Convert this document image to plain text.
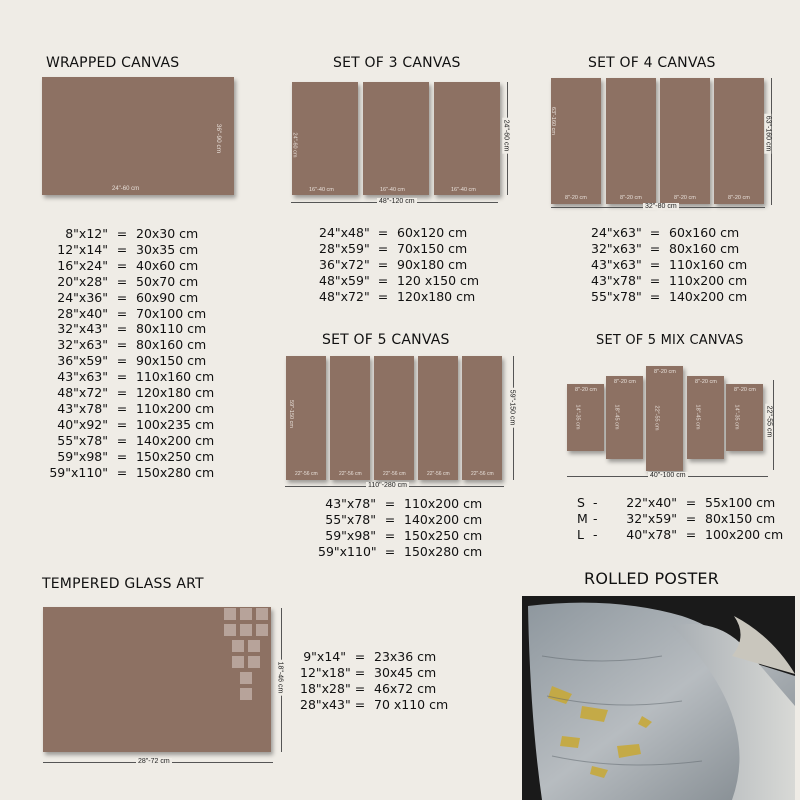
WRAPPED CANVAS
24"-60 cm
36"-90 cm
8"x12" = 20x30 cm
12"x14" = 30x35 cm
16"x24" = 40x60 cm
20"x28" = 50x70 cm
24"x36" = 60x90 cm
28"x40" = 70x100 cm
32"x43" = 80x110 cm
32"x63" = 80x160 cm
36"x59" = 90x150 cm
43"x63" = 110x160 cm
48"x72" = 120x180 cm
43"x78" = 110x200 cm
40"x92" = 100x235 cm
55"x78" = 140x200 cm
59"x98" = 150x250 cm
59"x110" = 150x280 cm
SET OF 3 CANVAS
16"-40 cm
24"-60 cm
16"-40 cm	16"-40 cm
48"-120 cm
24"-60 cm
24"x48" = 60x120 cm
28"x59" = 70x150 cm
36"x72" = 90x180 cm
48"x59" = 120 x150 cm
48"x72" = 120x180 cm
SET OF 4 CANVAS
8"-20 cm
63"-160 cm
8"-20 cm	8"-20 cm	8"-20 cm
32"-80 cm
63"-160 cm
24"x63" = 60x160 cm
32"x63" = 80x160 cm
43"x63" = 110x160 cm
43"x78" = 110x200 cm
55"x78" = 140x200 cm
SET OF 5 CANVAS
22"-56 cm
59"-150 cm
22"-56 cm	22"-56 cm	22"-56 cm	22"-56 cm
110"-280 cm
59"-150 cm
43"x78" = 110x200 cm
55"x78" = 140x200 cm
59"x98" = 150x250 cm
59"x110" = 150x280 cm
SET OF 5 MIX CANVAS
8"-20 cm
14"-35 cm
8"-20 cm
18"-45 cm
8"-20 cm
22"-55 cm
8"-20 cm
18"-45 cm
8"-20 cm
14"-35 cm
40"-100 cm
22"-55 cm
S -	22"x40" = 55x100 cm
M -	32"x59" = 80x150 cm
L -	40"x78" = 100x200 cm
TEMPERED GLASS ART
28"-72 cm
18"-46 cm
9"x14" = 23x36 cm
12"x18" = 30x45 cm
18"x28" = 46x72 cm
28"x43" = 70 x110 cm
ROLLED POSTER
